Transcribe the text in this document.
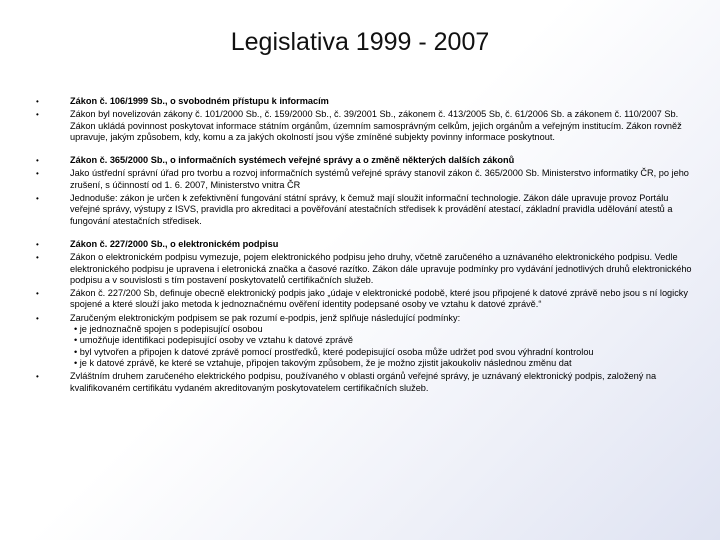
Legislativa 1999 - 2007
•	Zákon č. 106/1999 Sb., o svobodném přístupu k informacím
•	Zákon byl novelizován zákony č. 101/2000 Sb., č. 159/2000 Sb., č. 39/2001 Sb., zákonem č. 413/2005 Sb, č. 61/2006 Sb. a zákonem č. 110/2007 Sb. Zákon ukládá povinnost poskytovat informace státním orgánům, územním samosprávným celkům, jejich orgánům a veřejným institucím. Zákon rovněž upravuje, jakým způsobem, kdy, komu a za jakých okolností jsou výše zmíněné subjekty povinny informace poskytnout.
•	Zákon č. 365/2000 Sb., o informačních systémech veřejné správy a o změně některých dalších zákonů
•	Jako ústřední správní úřad pro tvorbu a rozvoj informačních systémů veřejné správy stanovil zákon č. 365/2000 Sb. Ministerstvo informatiky ČR, po jeho zrušení, s účinností od 1. 6. 2007, Ministerstvo vnitra ČR
•	Jednoduše: zákon je určen k zefektivnění fungování státní správy, k čemuž mají sloužit informační technologie. Zákon dále upravuje provoz Portálu veřejné správy, výstupy z ISVS, pravidla pro akreditaci a pověřování atestačních středisek k provádění atestací, základní pravidla udělování atestů a fungování atestačních středisek.
•	Zákon č. 227/2000 Sb., o elektronickém podpisu
•	Zákon o elektronickém podpisu vymezuje, pojem elektronického podpisu jeho druhy, včetně zaručeného a uznávaného elektronického podpisu. Vedle elektronického podpisu je upravena i eletronická značka a časové razítko. Zákon dále upravuje podmínky pro vydávání jednotlivých druhů elektronického podpisu a v souvislosti s tím postavení poskytovatelů certifikačních služeb.
•	Zákon č. 227/200 Sb, definuje obecně elektronický podpis jako „údaje v elektronické podobě, které jsou připojené k datové zprávě nebo jsou s ní logicky spojené a které slouží jako metoda k jednoznačnému ověření identity podepsané osoby ve vztahu k datové zprávě.“
•	Zaručeným elektronickým podpisem se pak rozumí e-podpis, jenž splňuje následující podmínky:
• je jednoznačně spojen s podepisující osobou
• umožňuje identifikaci podepisující osoby ve vztahu k datové zprávě
• byl vytvořen a připojen k datové zprávě pomocí prostředků, které podepisující osoba může udržet pod svou výhradní kontrolou
• je k datové zprávě, ke které se vztahuje, připojen takovým způsobem, že je možno zjistit jakoukoliv následnou změnu dat
•	Zvláštním druhem zaručeného elektrického podpisu, používaného v oblasti orgánů veřejné správy, je uznávaný elektronický podpis, založený na kvalifikovaném certifikátu vydaném akreditovaným poskytovatelem certifikačních služeb.
